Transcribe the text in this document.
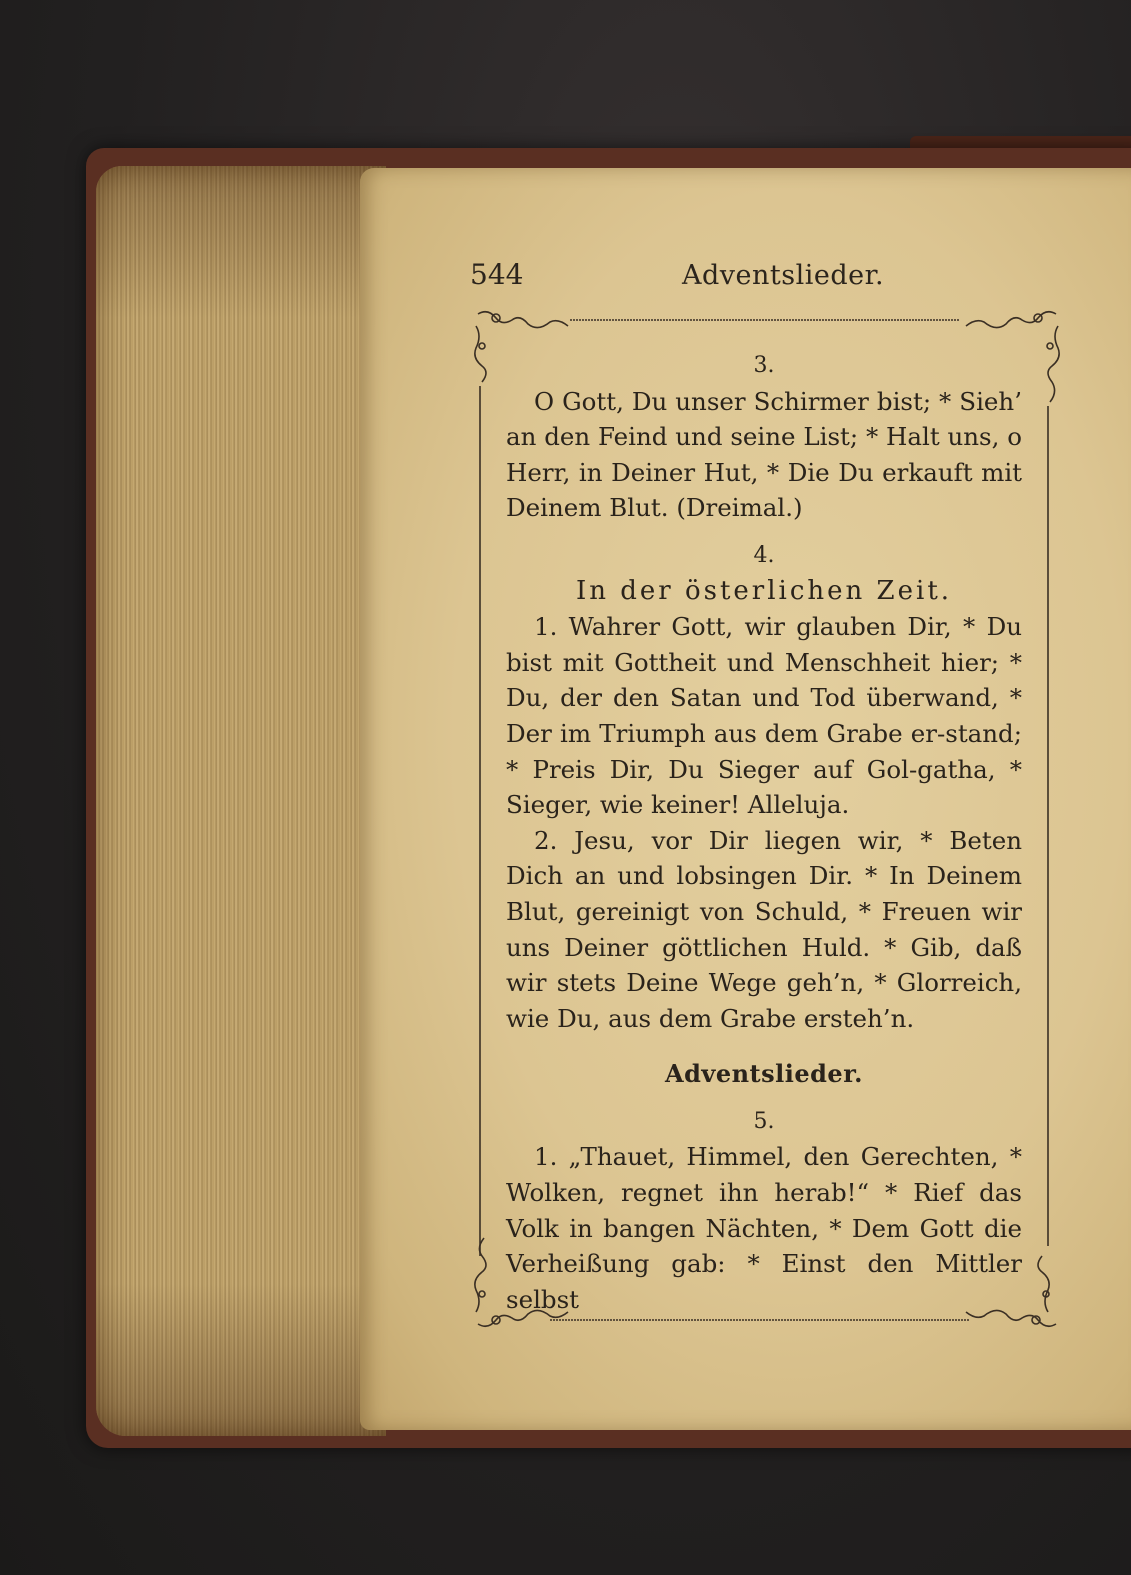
544	Adventslieder.

3.

O Gott, Du unser Schirmer bist; * Sieh’ an den Feind und seine List; * Halt uns, o Herr, in Deiner Hut, * Die Du erkauft mit Deinem Blut. (Dreimal.)

4.

In der österlichen Zeit.

1. Wahrer Gott, wir glauben Dir, * Du bist mit Gottheit und Menschheit hier; * Du, der den Satan und Tod überwand, * Der im Triumph aus dem Grabe er-stand; * Preis Dir, Du Sieger auf Gol-gatha, * Sieger, wie keiner! Alleluja.

2. Jesu, vor Dir liegen wir, * Beten Dich an und lobsingen Dir. * In Deinem Blut, gereinigt von Schuld, * Freuen wir uns Deiner göttlichen Huld. * Gib, daß wir stets Deine Wege geh’n, * Glorreich, wie Du, aus dem Grabe ersteh’n.

Adventslieder.

5.

1. „Thauet, Himmel, den Gerechten, * Wolken, regnet ihn herab!“ * Rief das Volk in bangen Nächten, * Dem Gott die Verheißung gab: * Einst den Mittler selbst
